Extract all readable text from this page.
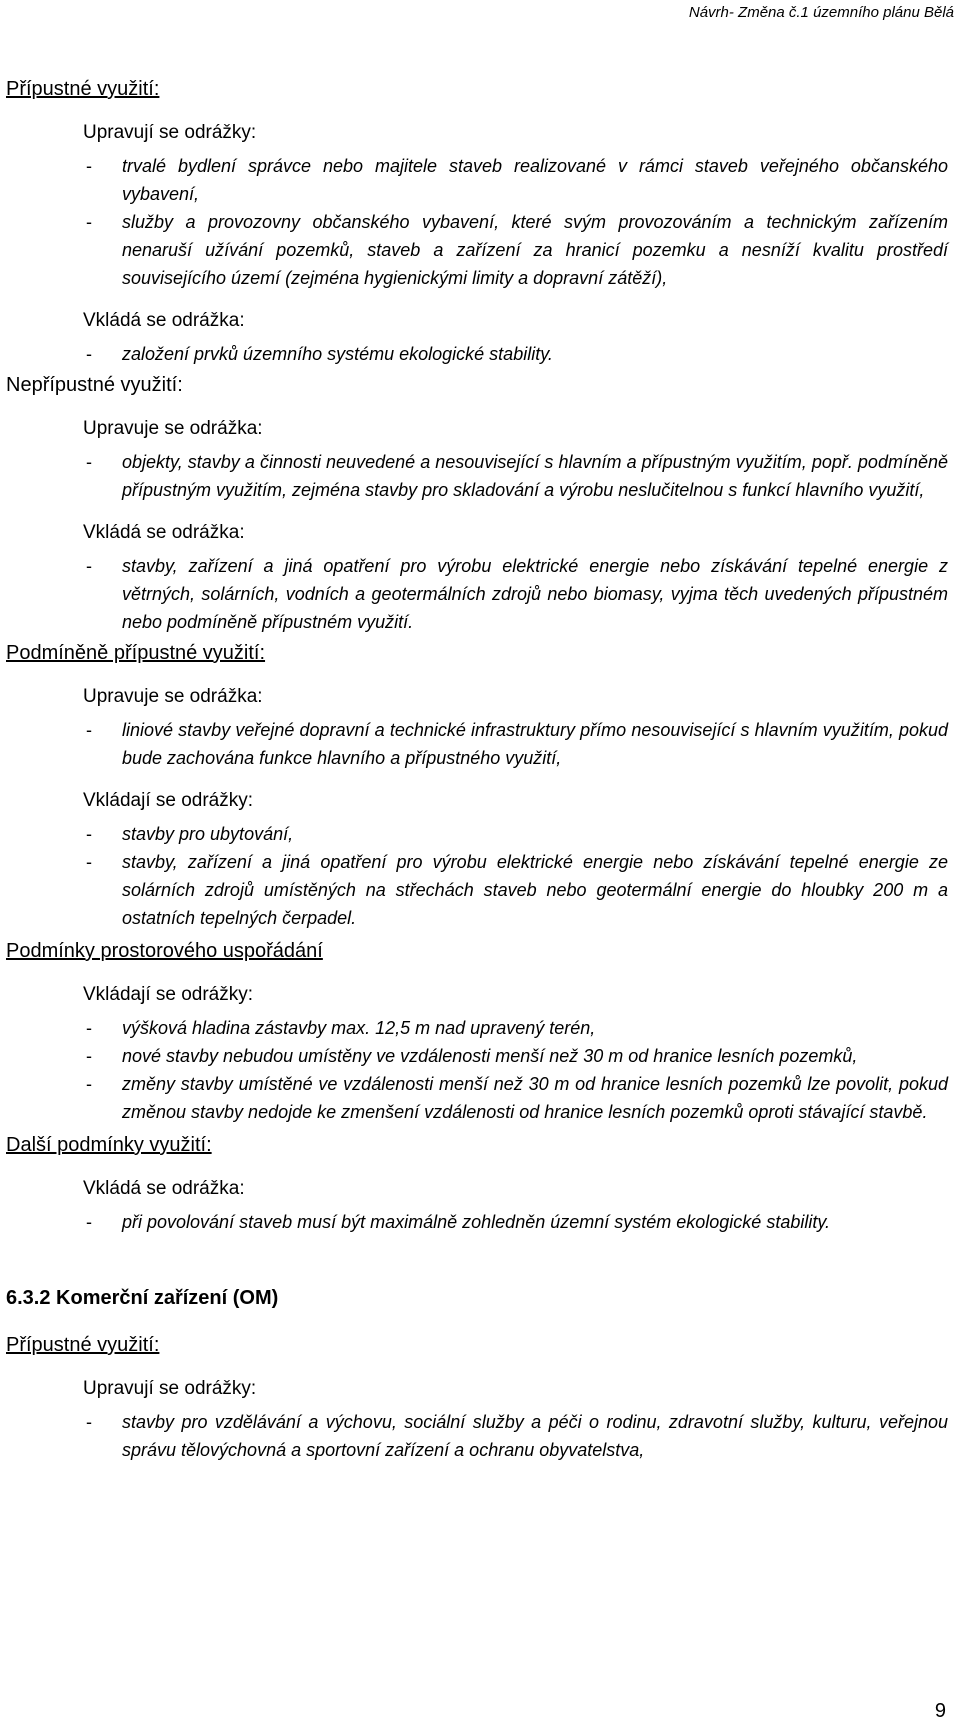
Návrh- Změna č.1 územního plánu Bělá

Přípustné využití:

Upravují se odrážky:

- trvalé bydlení správce nebo majitele staveb realizované v rámci staveb veřejného občanského vybavení,
- služby a provozovny občanského vybavení, které svým provozováním a technickým zařízením nenaruší užívání pozemků, staveb a zařízení za hranicí pozemku a nesníží kvalitu prostředí souvisejícího území (zejména hygienickými limity a dopravní zátěží),

Vkládá se odrážka:

- založení prvků územního systému ekologické stability.

Nepřípustné využití:

Upravuje se odrážka:

- objekty, stavby a činnosti neuvedené a nesouvisející s hlavním a přípustným využitím, popř. podmíněně přípustným využitím, zejména stavby pro skladování a výrobu neslučitelnou s funkcí hlavního využití,

Vkládá se odrážka:

- stavby, zařízení a jiná opatření pro výrobu elektrické energie nebo získávání tepelné energie z větrných, solárních, vodních a geotermálních zdrojů nebo biomasy, vyjma těch uvedených přípustném nebo podmíněně přípustném využití.

Podmíněně přípustné využití:

Upravuje se odrážka:

- liniové stavby veřejné dopravní a technické infrastruktury přímo nesouvisející s hlavním využitím, pokud bude zachována funkce hlavního a přípustného využití,

Vkládají se odrážky:

- stavby pro ubytování,
- stavby, zařízení a jiná opatření pro výrobu elektrické energie nebo získávání tepelné energie ze solárních zdrojů umístěných na střechách staveb nebo geotermální energie do hloubky 200 m a ostatních tepelných čerpadel.

Podmínky prostorového uspořádání

Vkládají se odrážky:

- výšková hladina zástavby max. 12,5 m nad upravený terén,
- nové stavby nebudou umístěny ve vzdálenosti menší než 30 m od hranice lesních pozemků,
- změny stavby umístěné ve vzdálenosti menší než 30 m od hranice lesních pozemků lze povolit, pokud změnou stavby nedojde ke zmenšení vzdálenosti od hranice lesních pozemků oproti stávající stavbě.

Další podmínky využití:

Vkládá se odrážka:

- při povolování staveb musí být maximálně zohledněn územní systém ekologické stability.

6.3.2 Komerční zařízení (OM)

Přípustné využití:

Upravují se odrážky:

- stavby pro vzdělávání a výchovu, sociální služby a péči o rodinu, zdravotní služby, kulturu, veřejnou správu tělovýchovná a sportovní zařízení a ochranu obyvatelstva,
9
